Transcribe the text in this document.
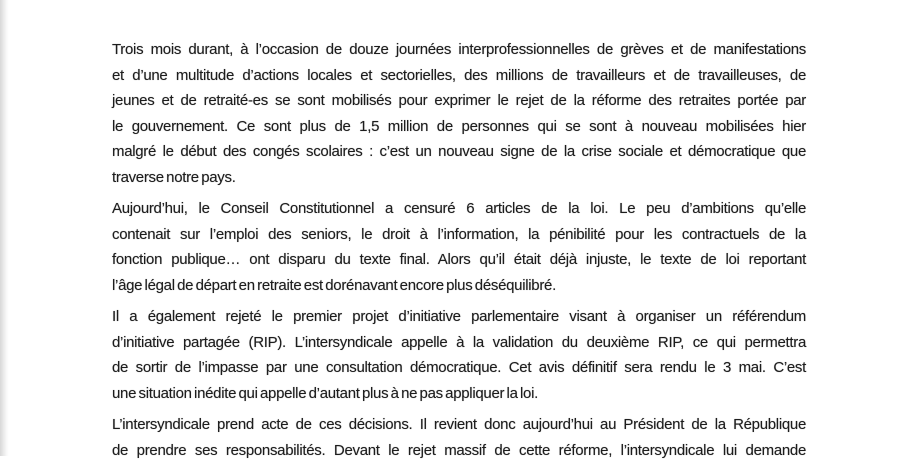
Trois mois durant, à l’occasion de douze journées interprofessionnelles de grèves et de manifestations
et d’une multitude d’actions locales et sectorielles, des millions de travailleurs et de travailleuses, de
jeunes et de retraité-es se sont mobilisés pour exprimer le rejet de la réforme des retraites portée par
le gouvernement. Ce sont plus de 1,5 million de personnes qui se sont à nouveau mobilisées hier
malgré le début des congés scolaires : c’est un nouveau signe de la crise sociale et démocratique que
traverse notre pays.

Aujourd’hui, le Conseil Constitutionnel a censuré 6 articles de la loi. Le peu d’ambitions qu’elle
contenait sur l’emploi des seniors, le droit à l’information, la pénibilité pour les contractuels de la
fonction publique… ont disparu du texte final. Alors qu’il était déjà injuste, le texte de loi reportant
l’âge légal de départ en retraite est dorénavant encore plus déséquilibré.

Il a également rejeté le premier projet d’initiative parlementaire visant à organiser un référendum
d’initiative partagée (RIP). L’intersyndicale appelle à la validation du deuxième RIP, ce qui permettra
de sortir de l’impasse par une consultation démocratique. Cet avis définitif sera rendu le 3 mai. C’est
une situation inédite qui appelle d’autant plus à ne pas appliquer la loi.

L’intersyndicale prend acte de ces décisions. Il revient donc aujourd’hui au Président de la République
de prendre ses responsabilités. Devant le rejet massif de cette réforme, l’intersyndicale lui demande
